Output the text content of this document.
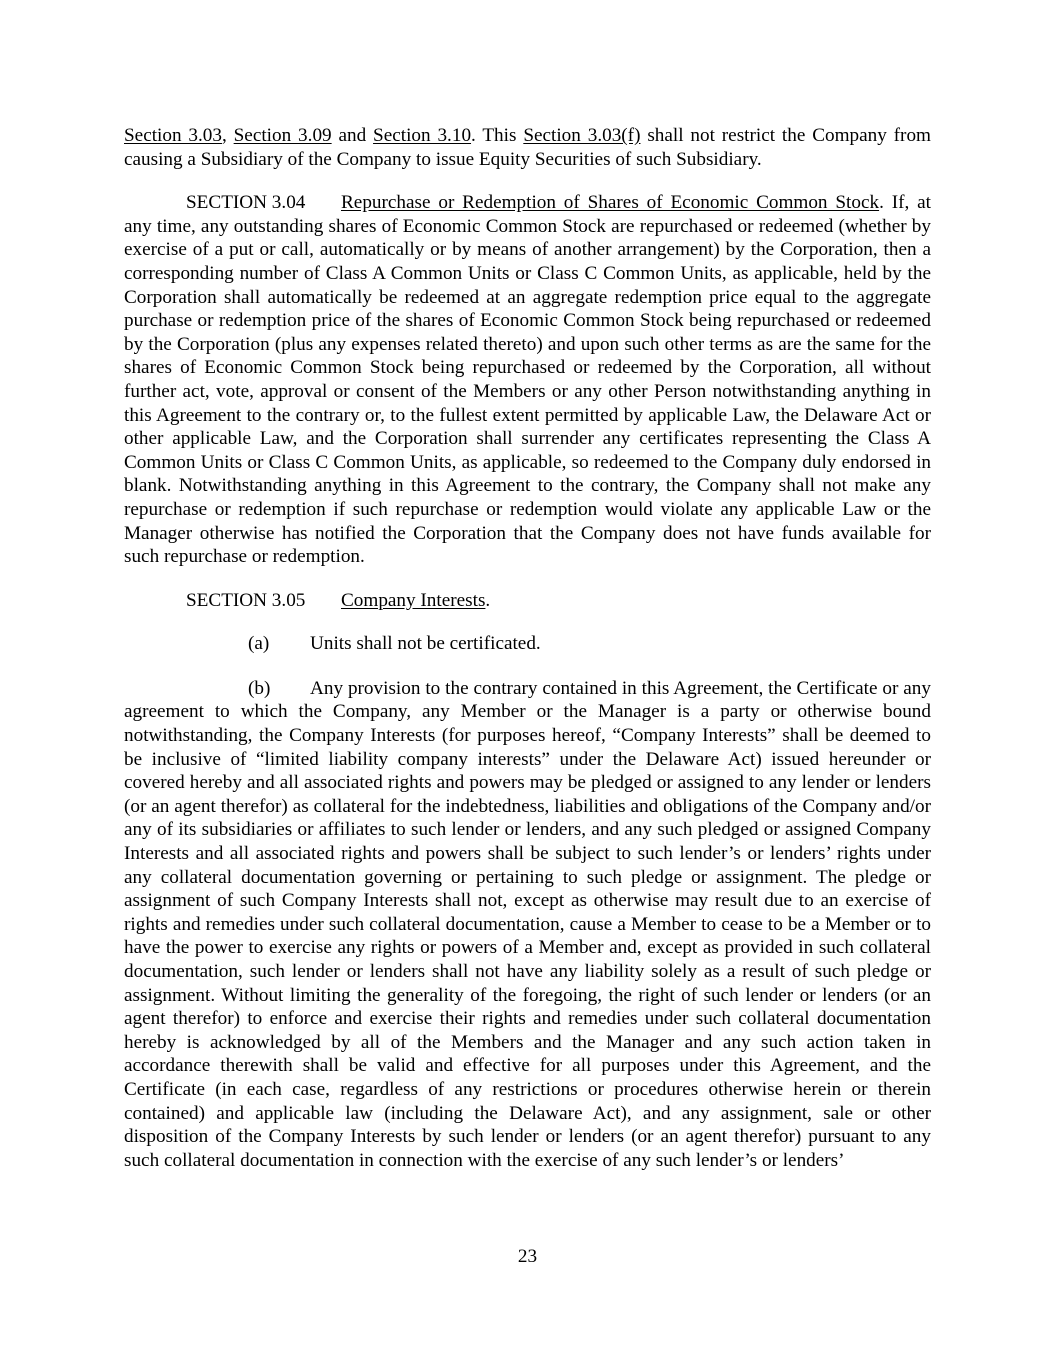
Section 3.03, Section 3.09 and Section 3.10. This Section 3.03(f) shall not restrict the Company from causing a Subsidiary of the Company to issue Equity Securities of such Subsidiary.

SECTION 3.04 Repurchase or Redemption of Shares of Economic Common Stock. If, at any time, any outstanding shares of Economic Common Stock are repurchased or redeemed (whether by exercise of a put or call, automatically or by means of another arrangement) by the Corporation, then a corresponding number of Class A Common Units or Class C Common Units, as applicable, held by the Corporation shall automatically be redeemed at an aggregate redemption price equal to the aggregate purchase or redemption price of the shares of Economic Common Stock being repurchased or redeemed by the Corporation (plus any expenses related thereto) and upon such other terms as are the same for the shares of Economic Common Stock being repurchased or redeemed by the Corporation, all without further act, vote, approval or consent of the Members or any other Person notwithstanding anything in this Agreement to the contrary or, to the fullest extent permitted by applicable Law, the Delaware Act or other applicable Law, and the Corporation shall surrender any certificates representing the Class A Common Units or Class C Common Units, as applicable, so redeemed to the Company duly endorsed in blank. Notwithstanding anything in this Agreement to the contrary, the Company shall not make any repurchase or redemption if such repurchase or redemption would violate any applicable Law or the Manager otherwise has notified the Corporation that the Company does not have funds available for such repurchase or redemption.

SECTION 3.05 Company Interests.

(a) Units shall not be certificated.

(b) Any provision to the contrary contained in this Agreement, the Certificate or any agreement to which the Company, any Member or the Manager is a party or otherwise bound notwithstanding, the Company Interests (for purposes hereof, “Company Interests” shall be deemed to be inclusive of “limited liability company interests” under the Delaware Act) issued hereunder or covered hereby and all associated rights and powers may be pledged or assigned to any lender or lenders (or an agent therefor) as collateral for the indebtedness, liabilities and obligations of the Company and/or any of its subsidiaries or affiliates to such lender or lenders, and any such pledged or assigned Company Interests and all associated rights and powers shall be subject to such lender’s or lenders’ rights under any collateral documentation governing or pertaining to such pledge or assignment. The pledge or assignment of such Company Interests shall not, except as otherwise may result due to an exercise of rights and remedies under such collateral documentation, cause a Member to cease to be a Member or to have the power to exercise any rights or powers of a Member and, except as provided in such collateral documentation, such lender or lenders shall not have any liability solely as a result of such pledge or assignment. Without limiting the generality of the foregoing, the right of such lender or lenders (or an agent therefor) to enforce and exercise their rights and remedies under such collateral documentation hereby is acknowledged by all of the Members and the Manager and any such action taken in accordance therewith shall be valid and effective for all purposes under this Agreement, and the Certificate (in each case, regardless of any restrictions or procedures otherwise herein or therein contained) and applicable law (including the Delaware Act), and any assignment, sale or other disposition of the Company Interests by such lender or lenders (or an agent therefor) pursuant to any such collateral documentation in connection with the exercise of any such lender’s or lenders’

23
